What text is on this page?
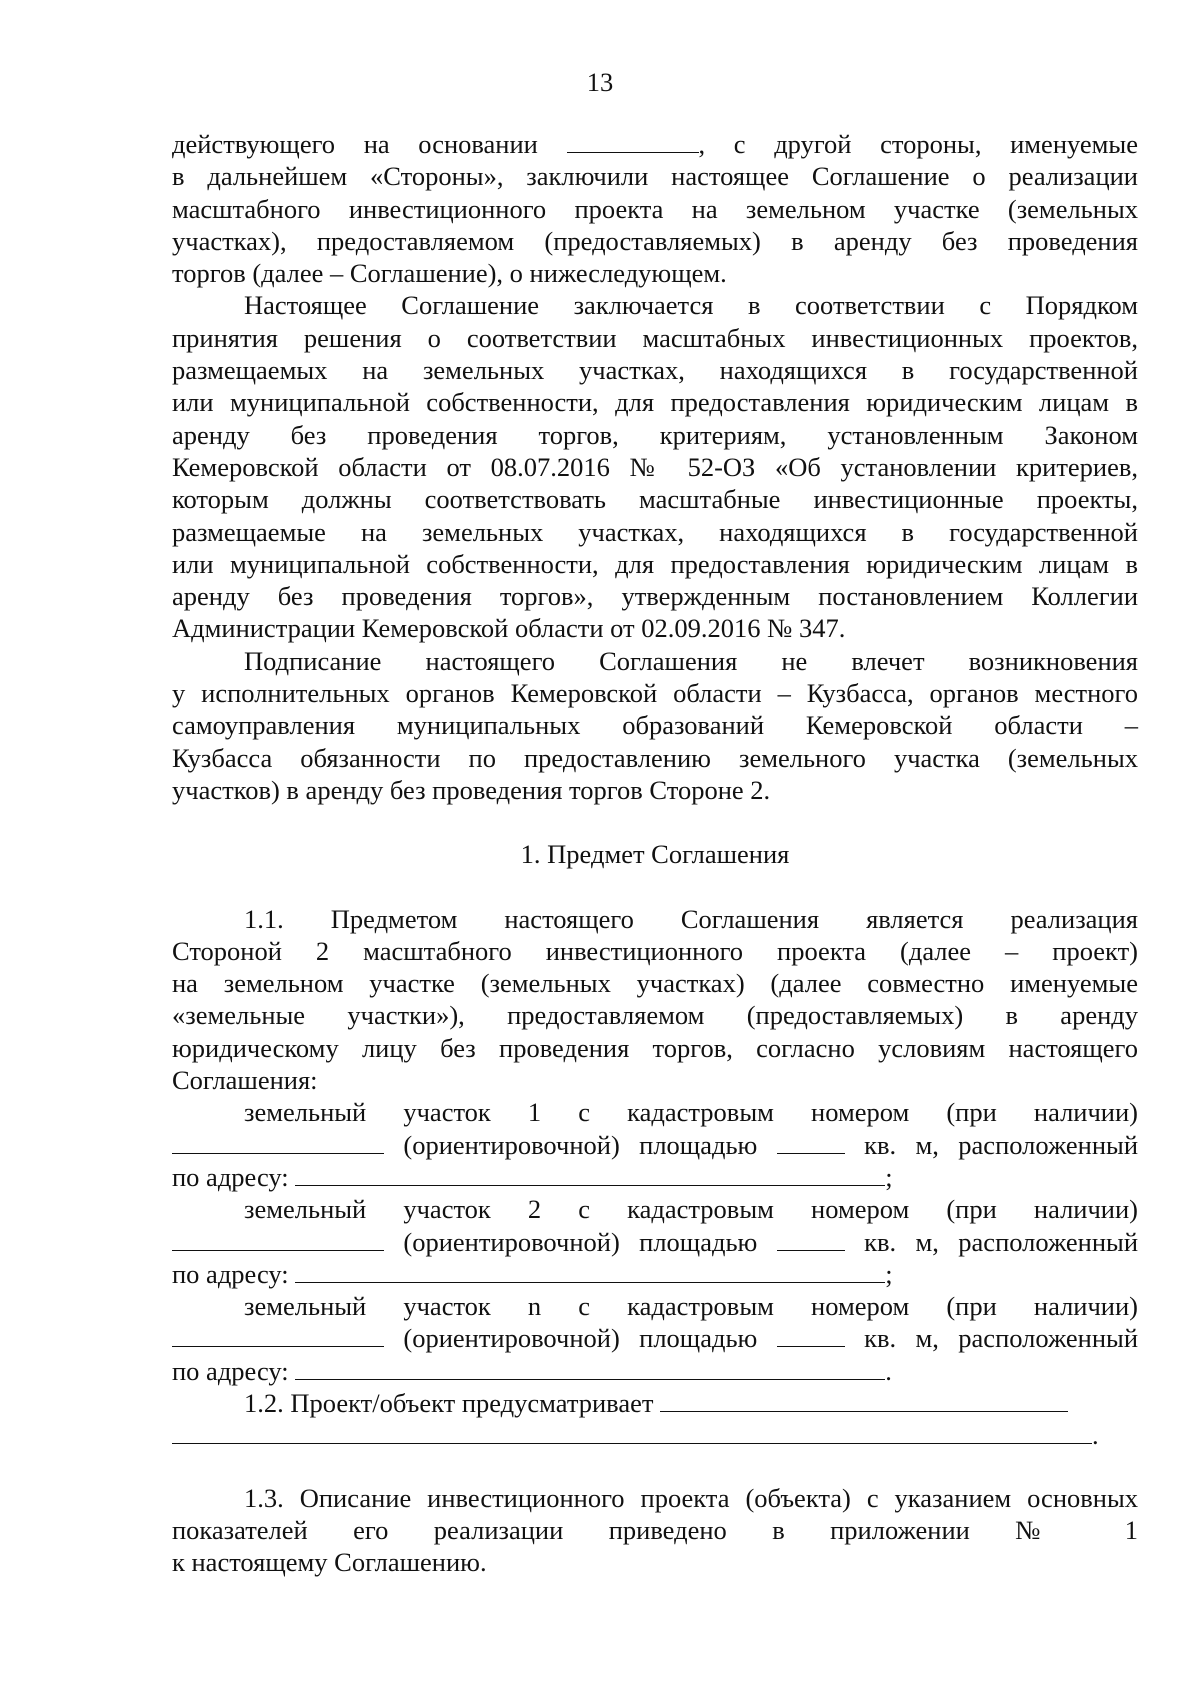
13
действующего на основании	, с другой стороны, именуемые
в дальнейшем «Стороны», заключили настоящее Соглашение о реализации
масштабного инвестиционного проекта на земельном участке (земельных
участках), предоставляемом (предоставляемых) в аренду без проведения
торгов (далее – Соглашение), о нижеследующем.
Настоящее Соглашение заключается в соответствии с Порядком
принятия решения о соответствии масштабных инвестиционных проектов,
размещаемых на земельных участках, находящихся в государственной
или муниципальной собственности, для предоставления юридическим лицам в
аренду без проведения торгов, критериям, установленным Законом
Кемеровской области от 08.07.2016 № 52-ОЗ «Об установлении критериев,
которым должны соответствовать масштабные инвестиционные проекты,
размещаемые на земельных участках, находящихся в государственной
или муниципальной собственности, для предоставления юридическим лицам в
аренду без проведения торгов», утвержденным постановлением Коллегии
Администрации Кемеровской области от 02.09.2016 № 347.
Подписание настоящего Соглашения не влечет возникновения
у исполнительных органов Кемеровской области – Кузбасса, органов местного
самоуправления муниципальных образований Кемеровской области –
Кузбасса обязанности по предоставлению земельного участка (земельных
участков) в аренду без проведения торгов Стороне 2.
1. Предмет Соглашения
1.1. Предметом настоящего Соглашения является реализация
Стороной 2 масштабного инвестиционного проекта (далее – проект)
на земельном участке (земельных участках) (далее совместно именуемые
«земельные участки»), предоставляемом (предоставляемых) в аренду
юридическому лицу без проведения торгов, согласно условиям настоящего
Соглашения:
земельный участок 1 с кадастровым номером (при наличии)
(ориентировочной) площадью	кв. м, расположенный
по адресу:	;
земельный участок 2 с кадастровым номером (при наличии)
(ориентировочной) площадью	кв. м, расположенный
по адресу:	;
земельный участок n с кадастровым номером (при наличии)
(ориентировочной) площадью	кв. м, расположенный
по адресу:	.
1.2. Проект/объект предусматривает
.
1.3. Описание инвестиционного проекта (объекта) с указанием основных
показателей его реализации приведено в приложении № 1
к настоящему Соглашению.
